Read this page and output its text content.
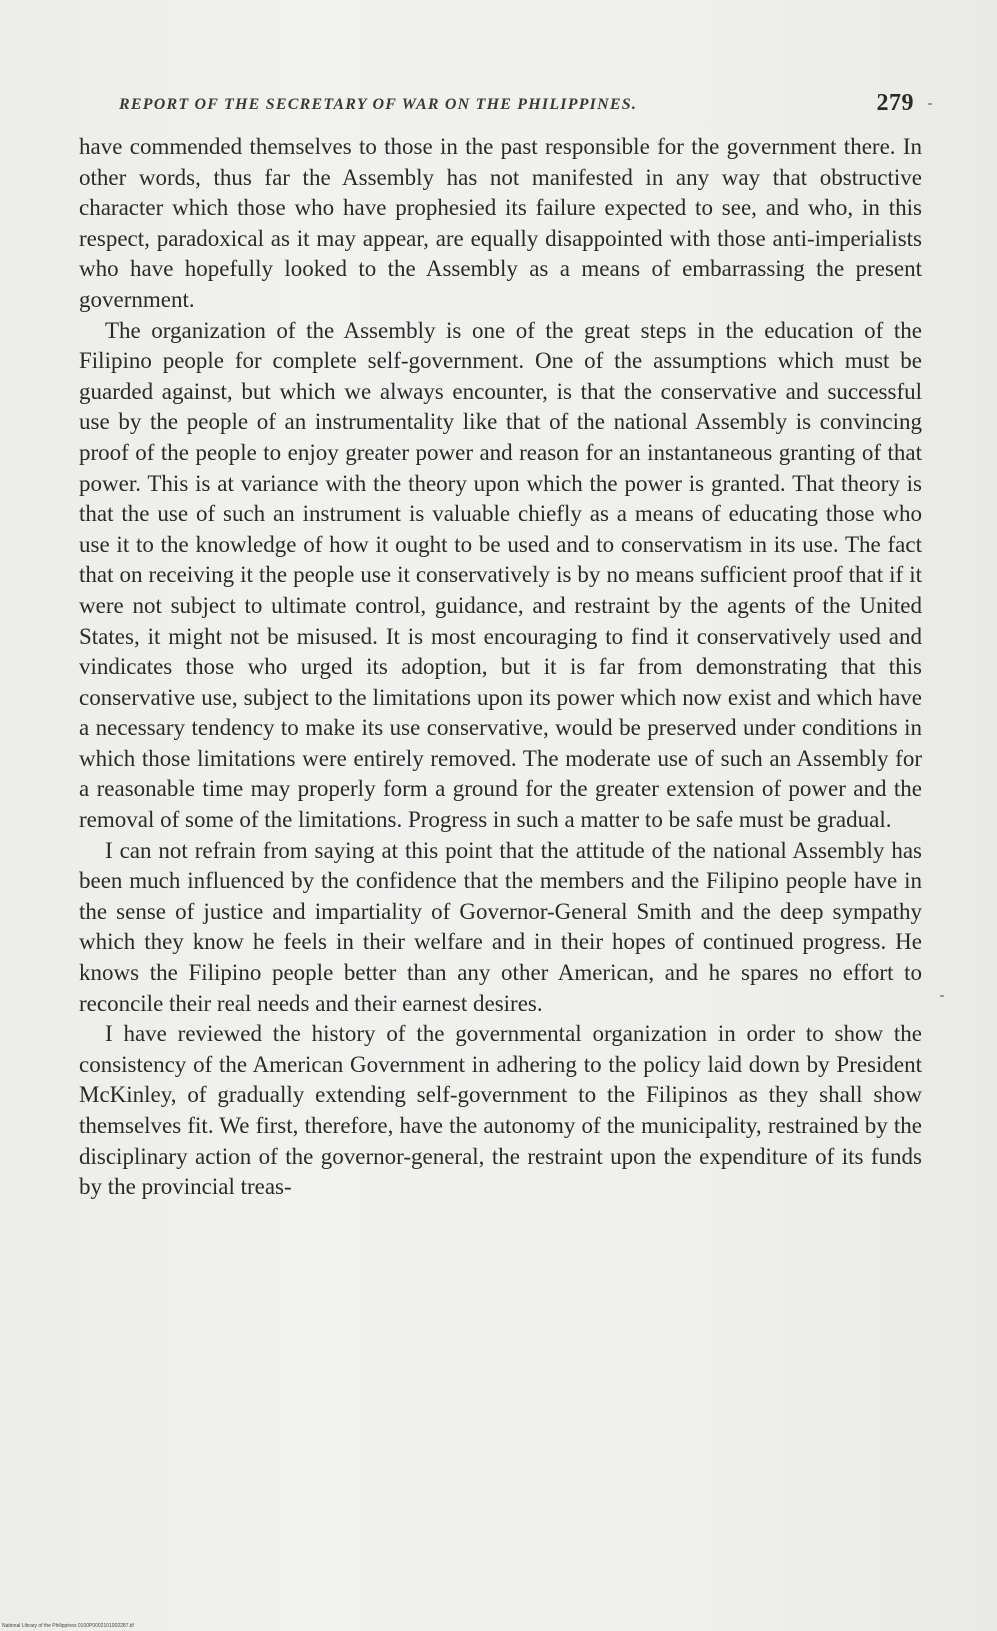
REPORT OF THE SECRETARY OF WAR ON THE PHILIPPINES.	279

have commended themselves to those in the past responsible for the government there. In other words, thus far the Assembly has not manifested in any way that obstructive character which those who have prophesied its failure expected to see, and who, in this respect, paradoxical as it may appear, are equally disappointed with those anti-imperialists who have hopefully looked to the Assembly as a means of embarrassing the present government.

The organization of the Assembly is one of the great steps in the education of the Filipino people for complete self-government. One of the assumptions which must be guarded against, but which we always encounter, is that the conservative and successful use by the people of an instrumentality like that of the national Assembly is convincing proof of the people to enjoy greater power and reason for an instantaneous granting of that power. This is at variance with the theory upon which the power is granted. That theory is that the use of such an instrument is valuable chiefly as a means of educating those who use it to the knowledge of how it ought to be used and to conservatism in its use. The fact that on receiving it the people use it conservatively is by no means sufficient proof that if it were not subject to ultimate control, guidance, and restraint by the agents of the United States, it might not be misused. It is most encouraging to find it conservatively used and vindicates those who urged its adoption, but it is far from demonstrating that this conservative use, subject to the limitations upon its power which now exist and which have a necessary tendency to make its use conservative, would be preserved under conditions in which those limitations were entirely removed. The moderate use of such an Assembly for a reasonable time may properly form a ground for the greater extension of power and the removal of some of the limitations. Progress in such a matter to be safe must be gradual.

I can not refrain from saying at this point that the attitude of the national Assembly has been much influenced by the confidence that the members and the Filipino people have in the sense of justice and impartiality of Governor-General Smith and the deep sympathy which they know he feels in their welfare and in their hopes of continued progress. He knows the Filipino people better than any other American, and he spares no effort to reconcile their real needs and their earnest desires.

I have reviewed the history of the governmental organization in order to show the consistency of the American Government in adhering to the policy laid down by President McKinley, of gradually extending self-government to the Filipinos as they shall show themselves fit. We first, therefore, have the autonomy of the municipality, restrained by the disciplinary action of the governor-general, the restraint upon the expenditure of its funds by the provincial treas-

National Library of the Philippines 0100P0002101002287.tif
